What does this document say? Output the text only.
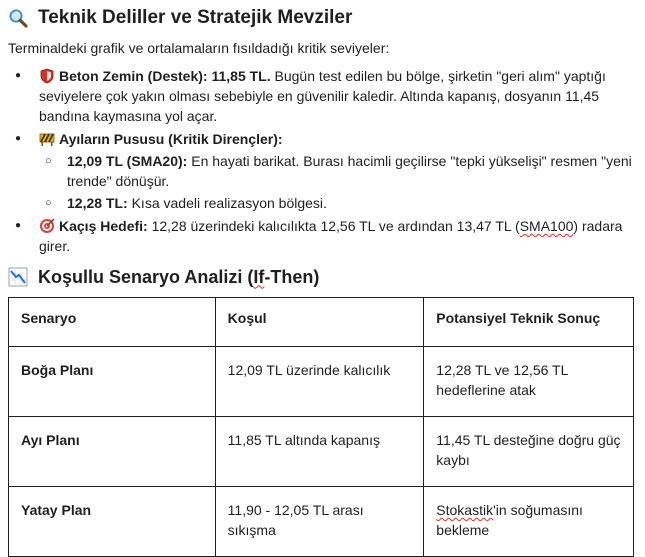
Teknik Deliller ve Stratejik Mevziler
Terminaldeki grafik ve ortalamaların fısıldadığı kritik seviyeler:
● Beton Zemin (Destek): 11,85 TL. Bugün test edilen bu bölge, şirketin "geri alım" yaptığı seviyelere çok yakın olması sebebiyle en güvenilir kaledir. Altında kapanış, dosyanın 11,45 bandına kaymasına yol açar.
● Ayıların Pususu (Kritik Dirençler):
○ 12,09 TL (SMA20): En hayati barikat. Burası hacimli geçilirse "tepki yükselişi" resmen "yeni trende" dönüşür.
○ 12,28 TL: Kısa vadeli realizasyon bölgesi.
● Kaçış Hedefi: 12,28 üzerindeki kalıcılıkta 12,56 TL ve ardından 13,47 TL (SMA100) radara girer.
Koşullu Senaryo Analizi (If-Then)
Senaryo	Koşul	Potansiyel Teknik Sonuç
Boğa Planı	12,09 TL üzerinde kalıcılık	12,28 TL ve 12,56 TL hedeflerine atak
Ayı Planı	11,85 TL altında kapanış	11,45 TL desteğine doğru güç kaybı
Yatay Plan	11,90 - 12,05 TL arası sıkışma	Stokastik'in soğumasını bekleme
